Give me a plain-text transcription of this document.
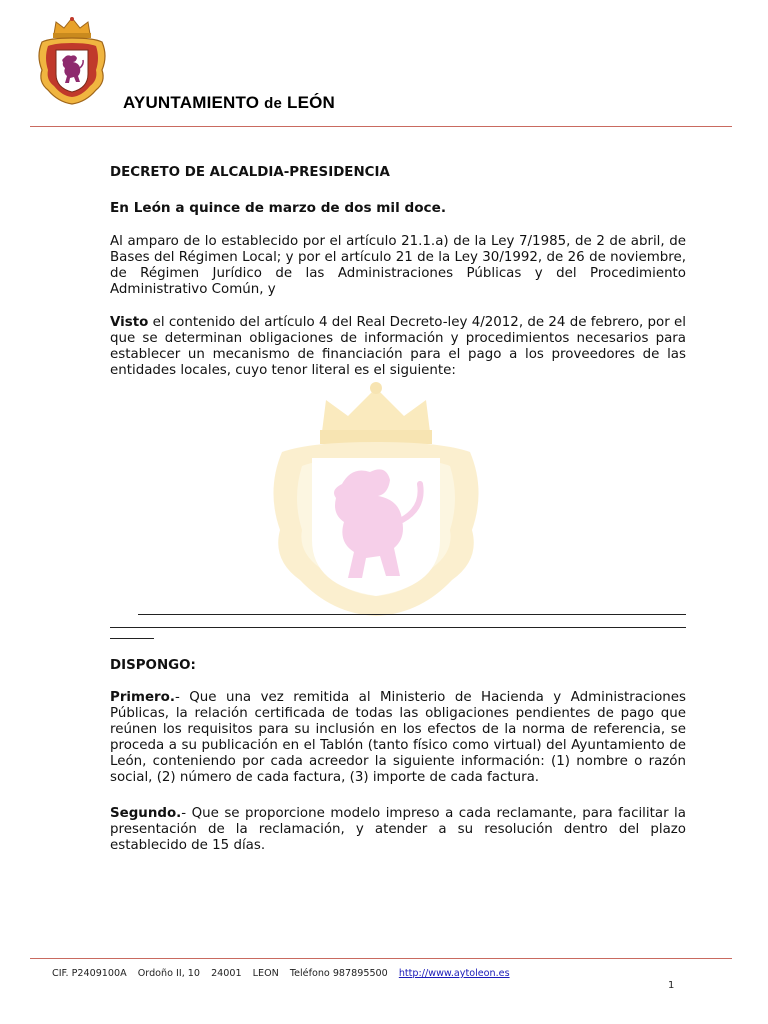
AYUNTAMIENTO de LEÓN
DECRETO DE ALCALDIA-PRESIDENCIA
En León a quince de marzo de dos mil doce.
Al amparo de lo establecido por el artículo 21.1.a) de la Ley 7/1985, de 2 de abril, de Bases del Régimen Local; y por el artículo 21 de la Ley 30/1992, de 26 de noviembre, de Régimen Jurídico de las Administraciones Públicas y del Procedimiento Administrativo Común, y
Visto el contenido del artículo 4 del Real Decreto-ley 4/2012, de 24 de febrero, por el que se determinan obligaciones de información y procedimientos necesarios para establecer un mecanismo de financiación para el pago a los proveedores de las entidades locales, cuyo tenor literal es el siguiente:
DISPONGO:
Primero.- Que una vez remitida al Ministerio de Hacienda y Administraciones Públicas, la relación certificada de todas las obligaciones pendientes de pago que reúnen los requisitos para su inclusión en los efectos de la norma de referencia, se proceda a su publicación en el Tablón (tanto físico como virtual) del Ayuntamiento de León, conteniendo por cada acreedor la siguiente información: (1) nombre o razón social, (2) número de cada factura, (3) importe de cada factura.
Segundo.- Que se proporcione modelo impreso a cada reclamante, para facilitar la presentación de la reclamación, y atender a su resolución dentro del plazo establecido de 15 días.
CIF. P2409100A Ordoño II, 10 24001 LEON Teléfono 987895500 http://www.aytoleon.es
1
